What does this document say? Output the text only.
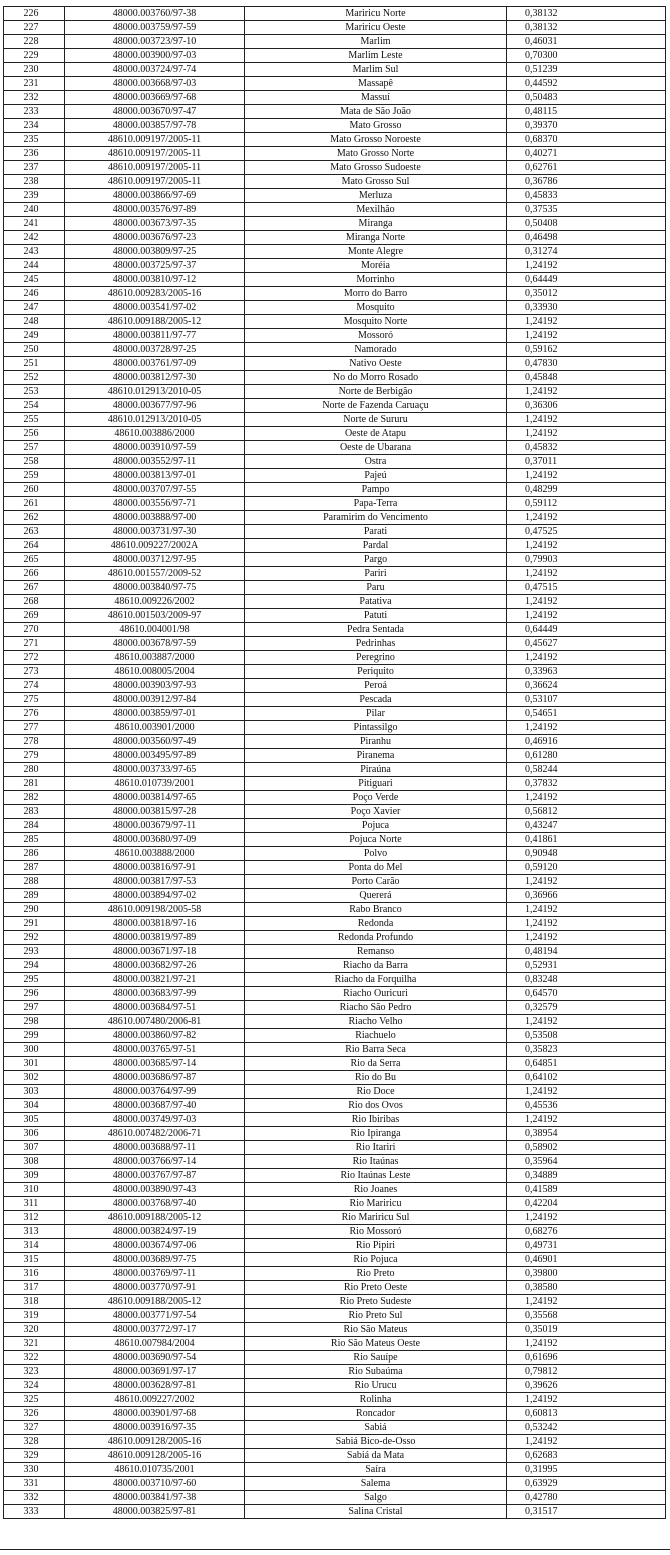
226	48000.003760/97-38	Mariricu Norte	0,38132
227	48000.003759/97-59	Mariricu Oeste	0,38132
228	48000.003723/97-10	Marlim	0,46031
229	48000.003900/97-03	Marlim Leste	0,70300
230	48000.003724/97-74	Marlim Sul	0,51239
231	48000.003668/97-03	Massapê	0,44592
232	48000.003669/97-68	Massuí	0,50483
233	48000.003670/97-47	Mata de São João	0,48115
234	48000.003857/97-78	Mato Grosso	0,39370
235	48610.009197/2005-11	Mato Grosso Noroeste	0,68370
236	48610.009197/2005-11	Mato Grosso Norte	0,40271
237	48610.009197/2005-11	Mato Grosso Sudoeste	0,62761
238	48610.009197/2005-11	Mato Grosso Sul	0,36786
239	48000.003866/97-69	Merluza	0,45833
240	48000.003576/97-89	Mexilhão	0,37535
241	48000.003673/97-35	Miranga	0,50408
242	48000.003676/97-23	Miranga Norte	0,46498
243	48000.003809/97-25	Monte Alegre	0,31274
244	48000.003725/97-37	Moréia	1,24192
245	48000.003810/97-12	Morrinho	0,64449
246	48610.009283/2005-16	Morro do Barro	0,35012
247	48000.003541/97-02	Mosquito	0,33930
248	48610.009188/2005-12	Mosquito Norte	1,24192
249	48000.003811/97-77	Mossoró	1,24192
250	48000.003728/97-25	Namorado	0,59162
251	48000.003761/97-09	Nativo Oeste	0,47830
252	48000.003812/97-30	No do Morro Rosado	0,45848
253	48610.012913/2010-05	Norte de Berbigão	1,24192
254	48000.003677/97-96	Norte de Fazenda Caruaçu	0,36306
255	48610.012913/2010-05	Norte de Sururu	1,24192
256	48610.003886/2000	Oeste de Atapu	1,24192
257	48000.003910/97-59	Oeste de Ubarana	0,45832
258	48000.003552/97-11	Ostra	0,37011
259	48000.003813/97-01	Pajeú	1,24192
260	48000.003707/97-55	Pampo	0,48299
261	48000.003556/97-71	Papa-Terra	0,59112
262	48000.003888/97-00	Paramirim do Vencimento	1,24192
263	48000.003731/97-30	Parati	0,47525
264	48610.009227/2002A	Pardal	1,24192
265	48000.003712/97-95	Pargo	0,79903
266	48610.001557/2009-52	Pariri	1,24192
267	48000.003840/97-75	Paru	0,47515
268	48610.009226/2002	Patativa	1,24192
269	48610.001503/2009-97	Patuti	1,24192
270	48610.004001/98	Pedra Sentada	0,64449
271	48000.003678/97-59	Pedrinhas	0,45627
272	48610.003887/2000	Peregrino	1,24192
273	48610.008005/2004	Periquito	0,33963
274	48000.003903/97-93	Peroá	0,36624
275	48000.003912/97-84	Pescada	0,53107
276	48000.003859/97-01	Pilar	0,54651
277	48610.003901/2000	Pintassilgo	1,24192
278	48000.003560/97-49	Piranhu	0,46916
279	48000.003495/97-89	Piranema	0,61280
280	48000.003733/97-65	Piraúna	0,58244
281	48610.010739/2001	Pitiguari	0,37832
282	48000.003814/97-65	Poço Verde	1,24192
283	48000.003815/97-28	Poço Xavier	0,56812
284	48000.003679/97-11	Pojuca	0,43247
285	48000.003680/97-09	Pojuca Norte	0,41861
286	48610.003888/2000	Polvo	0,90948
287	48000.003816/97-91	Ponta do Mel	0,59120
288	48000.003817/97-53	Porto Carão	1,24192
289	48000.003894/97-02	Quererá	0,36966
290	48610.009198/2005-58	Rabo Branco	1,24192
291	48000.003818/97-16	Redonda	1,24192
292	48000.003819/97-89	Redonda Profundo	1,24192
293	48000.003671/97-18	Remanso	0,48194
294	48000.003682/97-26	Riacho da Barra	0,52931
295	48000.003821/97-21	Riacho da Forquilha	0,83248
296	48000.003683/97-99	Riacho Ouricuri	0,64570
297	48000.003684/97-51	Riacho São Pedro	0,32579
298	48610.007480/2006-81	Riacho Velho	1,24192
299	48000.003860/97-82	Riachuelo	0,53508
300	48000.003765/97-51	Rio Barra Seca	0,35823
301	48000.003685/97-14	Rio da Serra	0,64851
302	48000.003686/97-87	Rio do Bu	0,64102
303	48000.003764/97-99	Rio Doce	1,24192
304	48000.003687/97-40	Rio dos Ovos	0,45536
305	48000.003749/97-03	Rio Ibiribas	1,24192
306	48610.007482/2006-71	Rio Ipiranga	0,38954
307	48000.003688/97-11	Rio Itariri	0,58902
308	48000.003766/97-14	Rio Itaúnas	0,35964
309	48000.003767/97-87	Rio Itaúnas Leste	0,34889
310	48000.003890/97-43	Rio Joanes	0,41589
311	48000.003768/97-40	Rio Mariricu	0,42204
312	48610.009188/2005-12	Rio Mariricu Sul	1,24192
313	48000.003824/97-19	Rio Mossoró	0,68276
314	48000.003674/97-06	Rio Pipiri	0,49731
315	48000.003689/97-75	Rio Pojuca	0,46901
316	48000.003769/97-11	Rio Preto	0,39800
317	48000.003770/97-91	Rio Preto Oeste	0,38580
318	48610.009188/2005-12	Rio Preto Sudeste	1,24192
319	48000.003771/97-54	Rio Preto Sul	0,35568
320	48000.003772/97-17	Rio São Mateus	0,35019
321	48610.007984/2004	Rio São Mateus Oeste	1,24192
322	48000.003690/97-54	Rio Sauípe	0,61696
323	48000.003691/97-17	Rio Subaúma	0,79812
324	48000.003628/97-81	Rio Urucu	0,39626
325	48610.009227/2002	Rolinha	1,24192
326	48000.003901/97-68	Roncador	0,60813
327	48000.003916/97-35	Sabiá	0,53242
328	48610.009128/2005-16	Sabiá Bico-de-Osso	1,24192
329	48610.009128/2005-16	Sabiá da Mata	0,62683
330	48610.010735/2001	Saíra	0,31995
331	48000.003710/97-60	Salema	0,63929
332	48000.003841/97-38	Salgo	0,42780
333	48000.003825/97-81	Salina Cristal	0,31517
